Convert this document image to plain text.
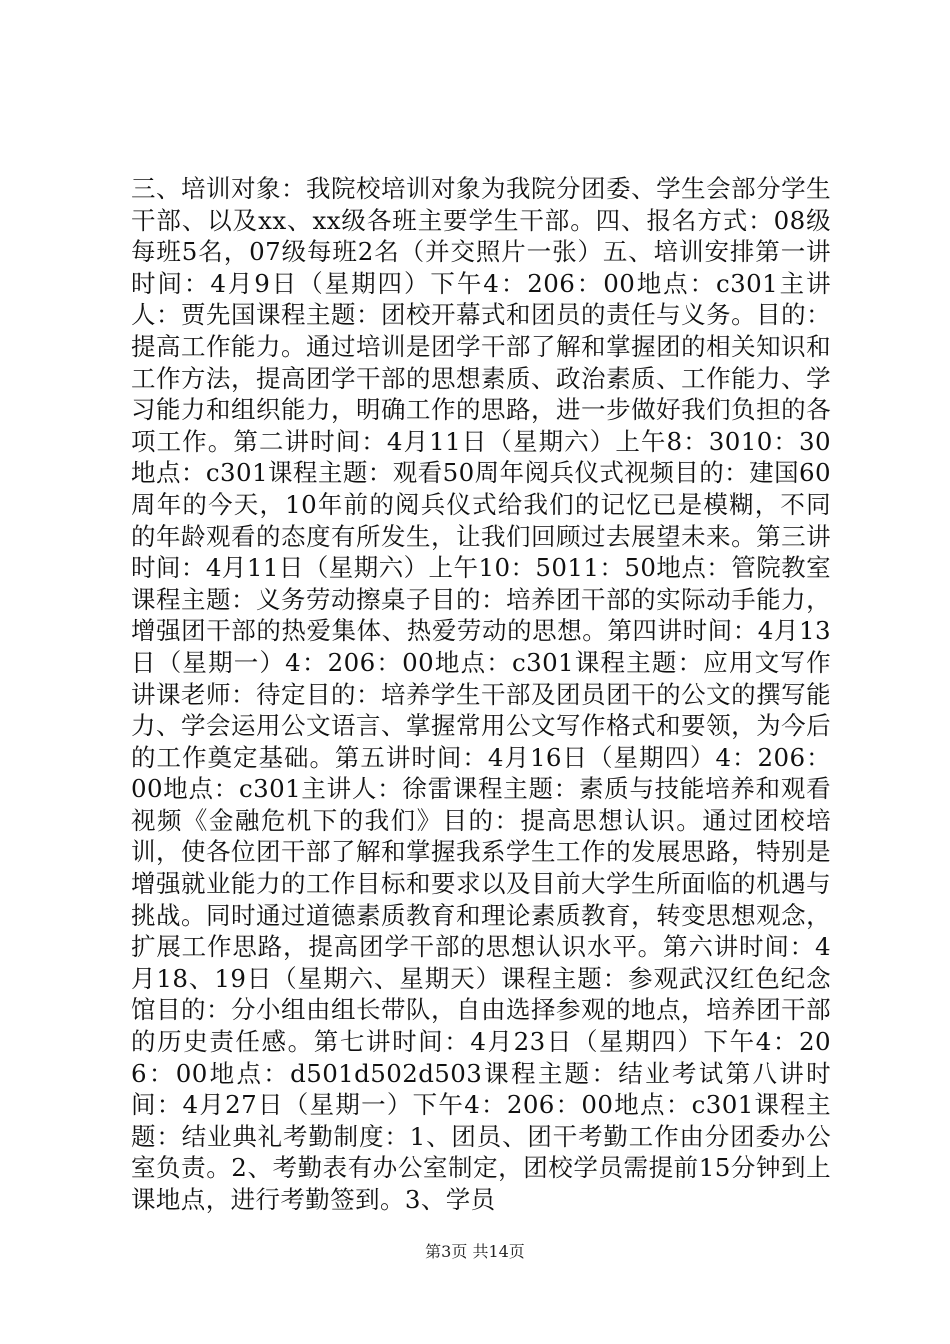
三、培训对象：我院校培训对象为我院分团委、学生会部分学生干部、以及xx、xx级各班主要学生干部。四、报名方式：08级每班5名，07级每班2名（并交照片一张）五、培训安排第一讲时间：4月9日（星期四）下午4：206：00地点：c301主讲人：贾先国课程主题：团校开幕式和团员的责任与义务。目的：提高工作能力。通过培训是团学干部了解和掌握团的相关知识和工作方法，提高团学干部的思想素质、政治素质、工作能力、学习能力和组织能力，明确工作的思路，进一步做好我们负担的各项工作。第二讲时间：4月11日（星期六）上午8：3010：30地点：c301课程主题：观看50周年阅兵仪式视频目的：建国60周年的今天，10年前的阅兵仪式给我们的记忆已是模糊，不同的年龄观看的态度有所发生，让我们回顾过去展望未来。第三讲时间：4月11日（星期六）上午10：5011：50地点：管院教室课程主题：义务劳动擦桌子目的：培养团干部的实际动手能力，增强团干部的热爱集体、热爱劳动的思想。第四讲时间：4月13日（星期一）4：206：00地点：c301课程主题：应用文写作讲课老师：待定目的：培养学生干部及团员团干的公文的撰写能力、学会运用公文语言、掌握常用公文写作格式和要领，为今后的工作奠定基础。第五讲时间：4月16日（星期四）4：206：00地点：c301主讲人：徐雷课程主题：素质与技能培养和观看视频《金融危机下的我们》目的：提高思想认识。通过团校培训，使各位团干部了解和掌握我系学生工作的发展思路，特别是增强就业能力的工作目标和要求以及目前大学生所面临的机遇与挑战。同时通过道德素质教育和理论素质教育，转变思想观念，扩展工作思路，提高团学干部的思想认识水平。第六讲时间：4月18、19日（星期六、星期天）课程主题：参观武汉红色纪念馆目的：分小组由组长带队，自由选择参观的地点，培养团干部的历史责任感。第七讲时间：4月23日（星期四）下午4：206：00地点：d501d502d503课程主题：结业考试第八讲时间：4月27日（星期一）下午4：206：00地点：c301课程主题：结业典礼考勤制度：1、团员、团干考勤工作由分团委办公室负责。2、考勤表有办公室制定，团校学员需提前15分钟到上课地点，进行考勤签到。3、学员

第3页 共14页
